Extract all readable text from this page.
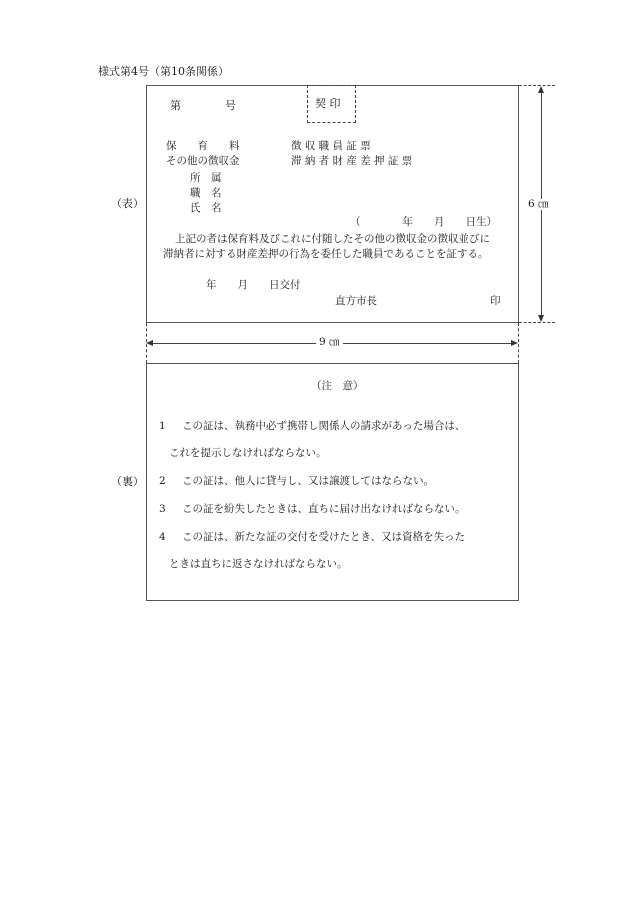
様式第4号（第10条関係）
契 印
第　　　　号
保　　育　　料
その他の徴収金
徴 収 職 員 証 票
滞 納 者 財 産 差 押 証 票
所　属
職　名
氏　名
（　　　　年　　月　　日生）
上記の者は保育料及びこれに付随したその他の徴収金の徴収並びに
滞納者に対する財産差押の行為を委任した職員であることを証する。
年　　月　　日交付
直方市長	印
（表）	6 ㎝
9 ㎝
（裏）
（注　意）
1 この証は、執務中必ず携帯し関係人の請求があった場合は、
これを提示しなければならない。
2 この証は、他人に貸与し、又は譲渡してはならない。
3 この証を紛失したときは、直ちに届け出なければならない。
4 この証は、新たな証の交付を受けたとき、又は資格を失った
ときは直ちに返さなければならない。
